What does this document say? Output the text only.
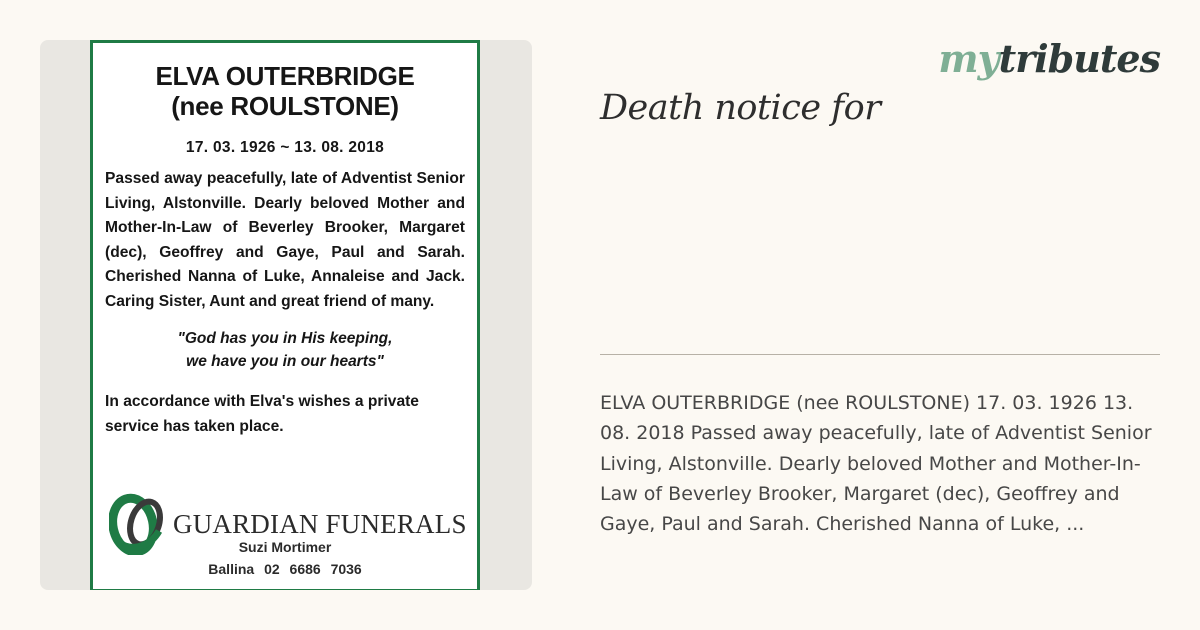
ELVA OUTERBRIDGE
(nee ROULSTONE)
17. 03. 1926 ~ 13. 08. 2018
Passed away peacefully, late of Adventist Senior Living, Alstonville. Dearly beloved Mother and Mother-In-Law of Beverley Brooker, Margaret (dec), Geoffrey and Gaye, Paul and Sarah. Cherished Nanna of Luke, Annaleise and Jack. Caring Sister, Aunt and great friend of many.
"God has you in His keeping,
we have you in our hearts"
In accordance with Elva's wishes a private service has taken place.
GUARDIAN FUNERALS
Suzi Mortimer
Ballina 02 6686 7036
mytributes
Death notice for
ELVA OUTERBRIDGE (nee ROULSTONE) 17. 03. 1926 13. 08. 2018 Passed away peacefully, late of Adventist Senior Living, Alstonville. Dearly beloved Mother and Mother-In-Law of Beverley Brooker, Margaret (dec), Geoffrey and Gaye, Paul and Sarah. Cherished Nanna of Luke, ...
